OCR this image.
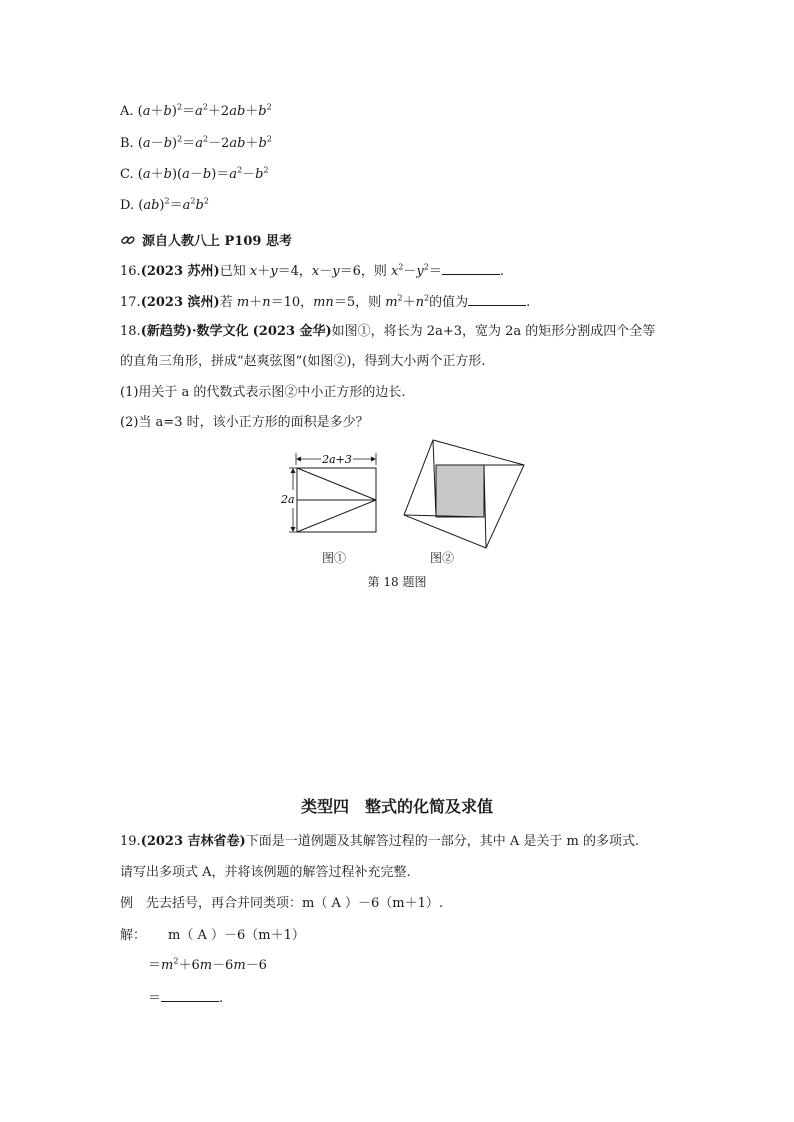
A. $(a+b)^2=a^2+2ab+b^2$
B. $(a-b)^2=a^2-2ab+b^2$
C. $(a+b)(a-b)=a^2-b^2$
D. $(ab)^2=a^2b^2$
源自人教八上 P109 思考
16.(2023 苏州)已知 x＋y＝4，x－y＝6，则 $x^2-y^2=$	.
17.(2023 滨州)若 m＋n＝10，mn＝5，则 $m^2+n^2$的值为	.
18.(新趋势)·数学文化 (2023 金华)如图①，将长为 2a+3，宽为 2a 的矩形分割成四个全等
的直角三角形，拼成“赵爽弦图”(如图②)，得到大小两个正方形.
(1)用关于 a 的代数式表示图②中小正方形的边长.
(2)当 a=3 时，该小正方形的面积是多少？
2a+3
2a
图①	图②
第 18 题图
类型四　整式的化简及求值
19.(2023 吉林省卷)下面是一道例题及其解答过程的一部分，其中 A 是关于 m 的多项式.
请写出多项式 A，并将该例题的解答过程补充完整.
例　先去括号，再合并同类项：m（ A ）－6（m＋1）.
解： m（ A ）－6（m＋1）
$=m^2+6m-6m-6$
＝	.
